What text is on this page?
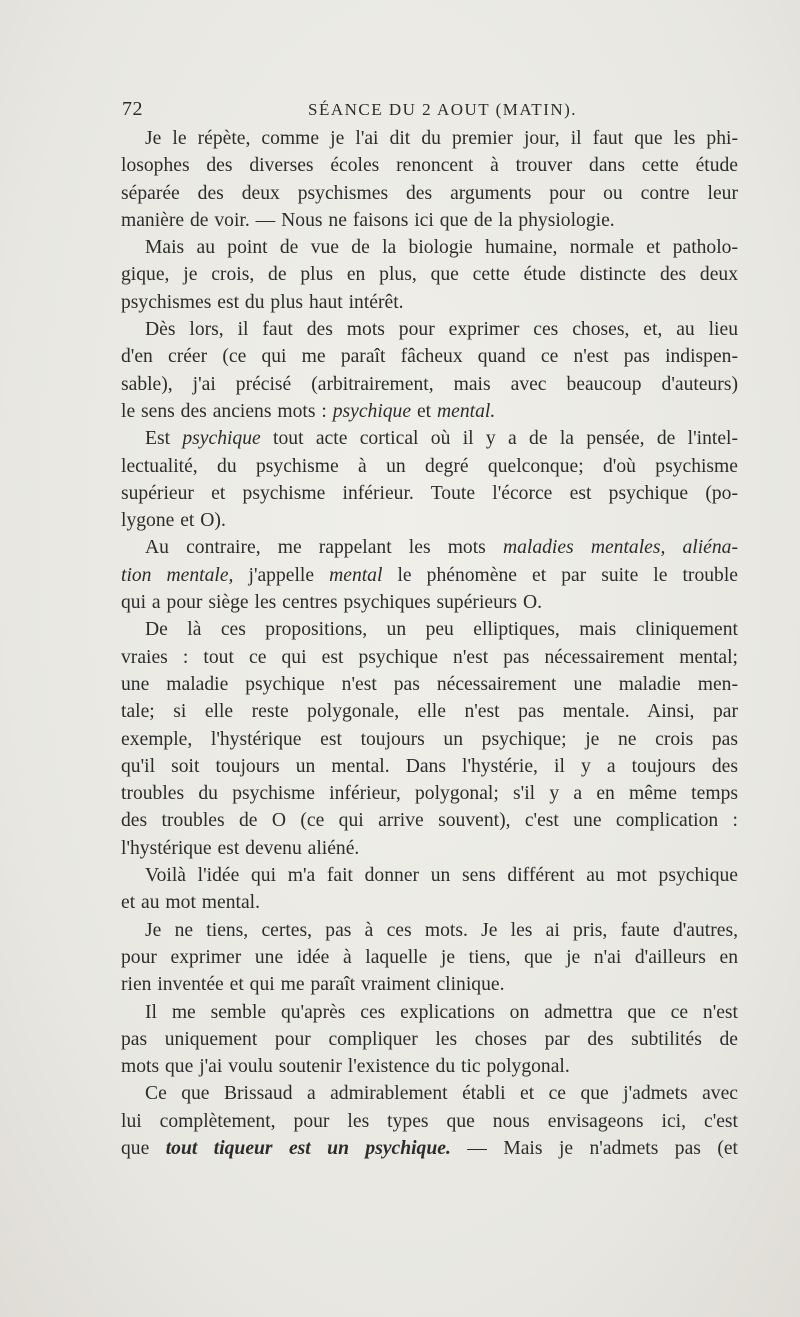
72	SÉANCE DU 2 AOUT (MATIN).
Je le répète, comme je l'ai dit du premier jour, il faut que les phi-
losophes des diverses écoles renoncent à trouver dans cette étude
séparée des deux psychismes des arguments pour ou contre leur
manière de voir. — Nous ne faisons ici que de la physiologie.
Mais au point de vue de la biologie humaine, normale et patholo-
gique, je crois, de plus en plus, que cette étude distincte des deux
psychismes est du plus haut intérêt.
Dès lors, il faut des mots pour exprimer ces choses, et, au lieu
d'en créer (ce qui me paraît fâcheux quand ce n'est pas indispen-
sable), j'ai précisé (arbitrairement, mais avec beaucoup d'auteurs)
le sens des anciens mots : psychique et mental.
Est psychique tout acte cortical où il y a de la pensée, de l'intel-
lectualité, du psychisme à un degré quelconque; d'où psychisme
supérieur et psychisme inférieur. Toute l'écorce est psychique (po-
lygone et O).
Au contraire, me rappelant les mots maladies mentales, aliéna-
tion mentale, j'appelle mental le phénomène et par suite le trouble
qui a pour siège les centres psychiques supérieurs O.
De là ces propositions, un peu elliptiques, mais cliniquement
vraies : tout ce qui est psychique n'est pas nécessairement mental;
une maladie psychique n'est pas nécessairement une maladie men-
tale; si elle reste polygonale, elle n'est pas mentale. Ainsi, par
exemple, l'hystérique est toujours un psychique; je ne crois pas
qu'il soit toujours un mental. Dans l'hystérie, il y a toujours des
troubles du psychisme inférieur, polygonal; s'il y a en même temps
des troubles de O (ce qui arrive souvent), c'est une complication :
l'hystérique est devenu aliéné.
Voilà l'idée qui m'a fait donner un sens différent au mot psychique
et au mot mental.
Je ne tiens, certes, pas à ces mots. Je les ai pris, faute d'autres,
pour exprimer une idée à laquelle je tiens, que je n'ai d'ailleurs en
rien inventée et qui me paraît vraiment clinique.
Il me semble qu'après ces explications on admettra que ce n'est
pas uniquement pour compliquer les choses par des subtilités de
mots que j'ai voulu soutenir l'existence du tic polygonal.
Ce que Brissaud a admirablement établi et ce que j'admets avec
lui complètement, pour les types que nous envisageons ici, c'est
que tout tiqueur est un psychique. — Mais je n'admets pas (et
